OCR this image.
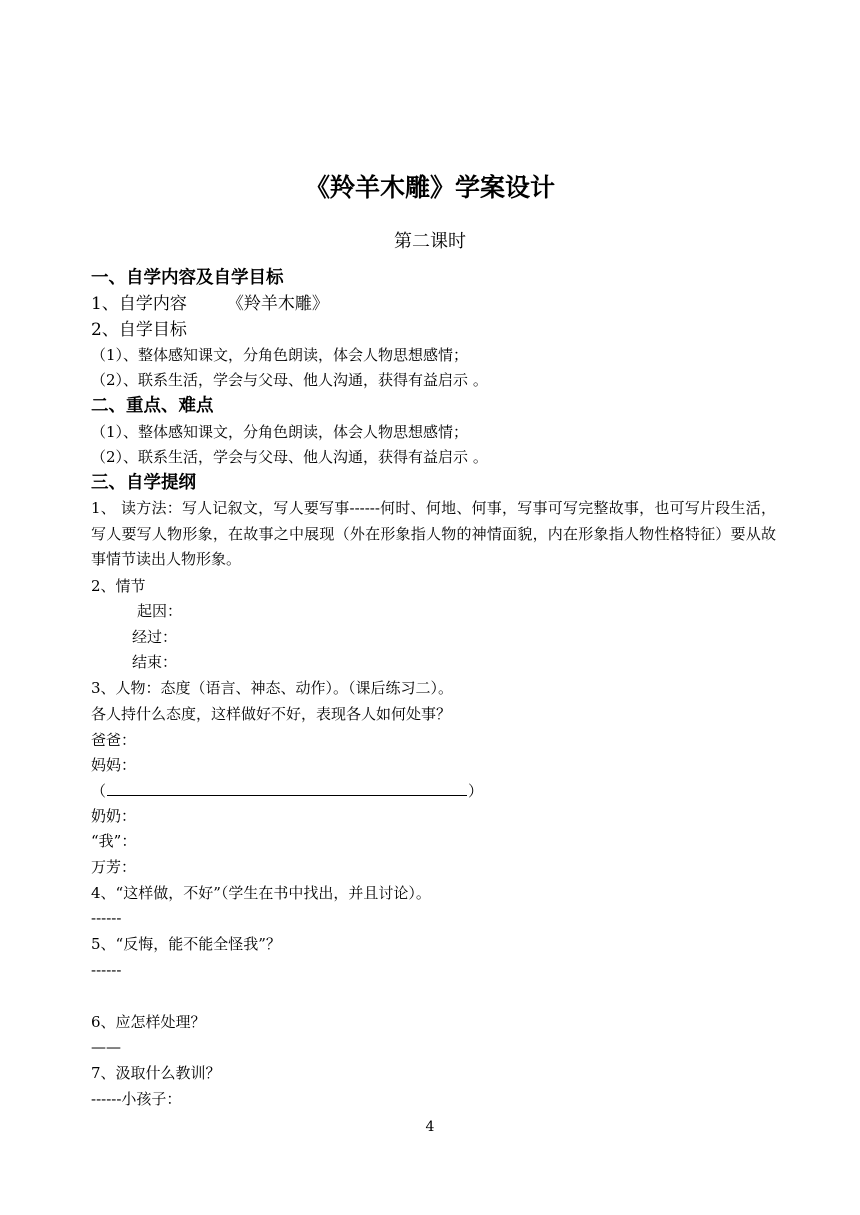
《羚羊木雕》学案设计
第二课时
一、自学内容及自学目标
1、自学内容 《羚羊木雕》
2、自学目标
（1）、整体感知课文，分角色朗读，体会人物思想感情；
（2）、联系生活，学会与父母、他人沟通，获得有益启示 。
二、重点、难点
（1）、整体感知课文，分角色朗读，体会人物思想感情；
（2）、联系生活，学会与父母、他人沟通，获得有益启示 。
三、自学提纲
1、 读方法：写人记叙文，写人要写事------何时、何地、何事，写事可写完整故事，也可写片段生活，写人要写人物形象，在故事之中展现（外在形象指人物的神情面貌，内在形象指人物性格特征）要从故事情节读出人物形象。
2、情节
起因：
经过：
结束：
3、人物：态度（语言、神态、动作）。（课后练习二）。
各人持什么态度，这样做好不好，表现各人如何处事？
爸爸：
妈妈：
（	）
奶奶：
“我”：
万芳：
4、“这样做，不好”（学生在书中找出，并且讨论）。
------
5、“反悔，能不能全怪我”？
------
6、应怎样处理？
——
7、汲取什么教训？
------小孩子：
4
